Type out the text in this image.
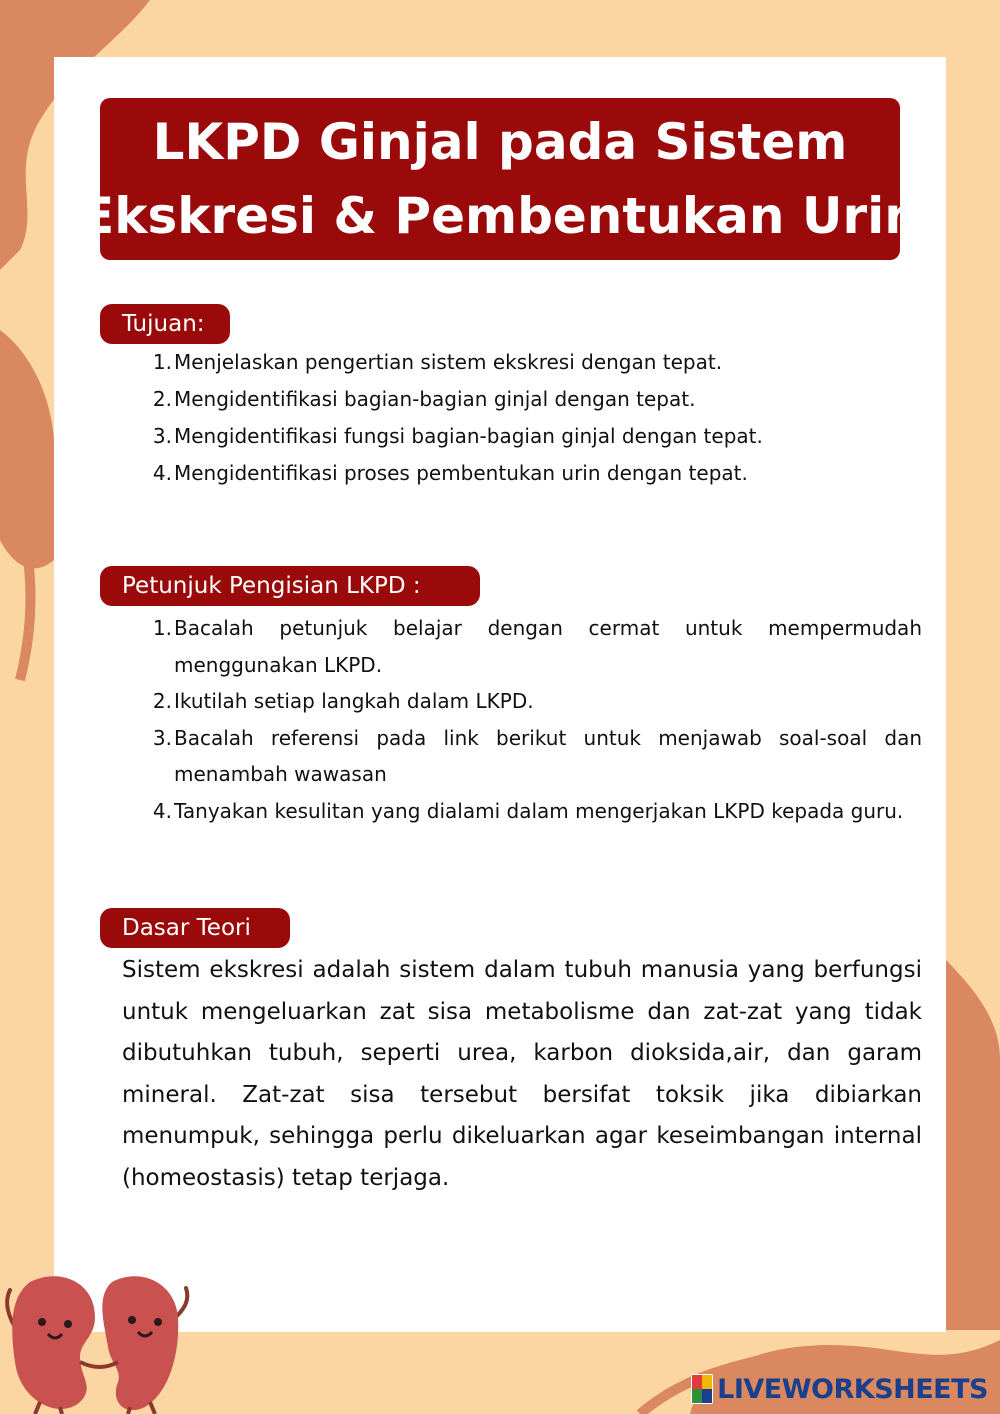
LKPD Ginjal pada Sistem
Ekskresi & Pembentukan Urin
Tujuan:
1. Menjelaskan pengertian sistem ekskresi dengan tepat.
2. Mengidentifikasi bagian-bagian ginjal dengan tepat.
3. Mengidentifikasi fungsi bagian-bagian ginjal dengan tepat.
4. Mengidentifikasi proses pembentukan urin dengan tepat.
Petunjuk Pengisian LKPD :
1. Bacalah petunjuk belajar dengan cermat untuk mempermudah menggunakan LKPD.
2. Ikutilah setiap langkah dalam LKPD.
3. Bacalah referensi pada link berikut untuk menjawab soal-soal dan menambah wawasan
4. Tanyakan kesulitan yang dialami dalam mengerjakan LKPD kepada guru.
Dasar Teori

Sistem ekskresi adalah sistem dalam tubuh manusia yang berfungsi untuk mengeluarkan zat sisa metabolisme dan zat-zat yang tidak dibutuhkan tubuh, seperti urea, karbon dioksida,air, dan garam mineral. Zat-zat sisa tersebut bersifat toksik jika dibiarkan menumpuk, sehingga perlu dikeluarkan agar keseimbangan internal (homeostasis) tetap terjaga.

LIVEWORKSHEETS
